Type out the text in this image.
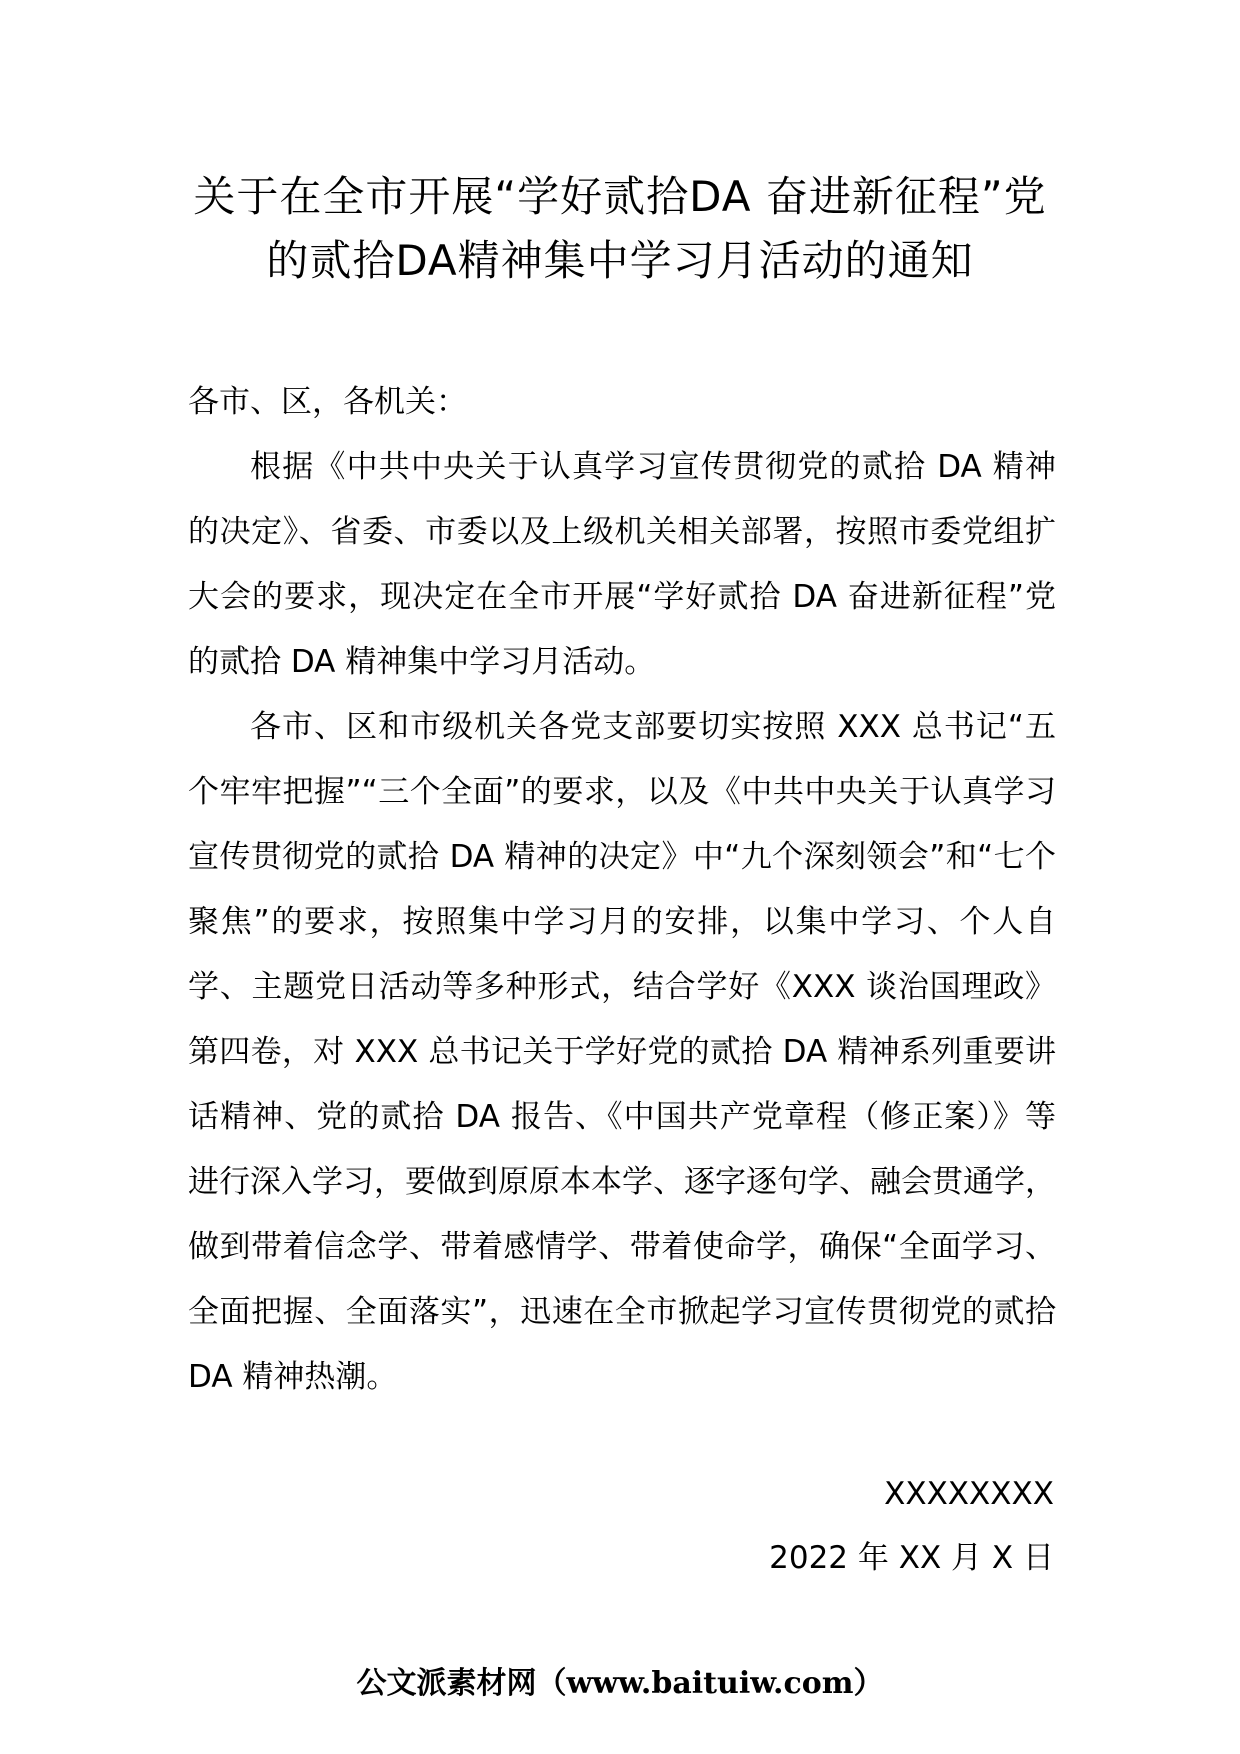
关于在全市开展“学好贰拾DA 奋进新征程”党的贰拾DA精神集中学习月活动的通知

各市、区，各机关：

根据《中共中央关于认真学习宣传贯彻党的贰拾 DA 精神的决定》、省委、市委以及上级机关相关部署，按照市委党组扩大会的要求，现决定在全市开展“学好贰拾 DA 奋进新征程”党的贰拾 DA 精神集中学习月活动。

各市、区和市级机关各党支部要切实按照 XXX 总书记“五个牢牢把握”“三个全面”的要求，以及《中共中央关于认真学习宣传贯彻党的贰拾 DA 精神的决定》中“九个深刻领会”和“七个聚焦”的要求，按照集中学习月的安排，以集中学习、个人自学、主题党日活动等多种形式，结合学好《XXX 谈治国理政》第四卷，对 XXX 总书记关于学好党的贰拾 DA 精神系列重要讲话精神、党的贰拾 DA 报告、《中国共产党章程（修正案）》等进行深入学习，要做到原原本本学、逐字逐句学、融会贯通学，做到带着信念学、带着感情学、带着使命学，确保“全面学习、全面把握、全面落实”，迅速在全市掀起学习宣传贯彻党的贰拾 DA 精神热潮。

XXXXXXXX
2022 年 XX 月 X 日
公文派素材网（www.baituiw.com）
